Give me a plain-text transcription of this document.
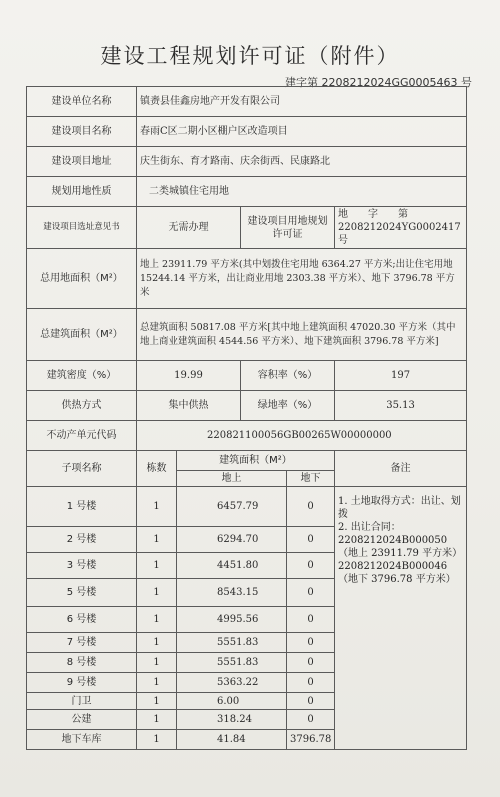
建设工程规划许可证（附件）
建字第 2208212024GG0005463 号
建设单位名称	镇赉县佳鑫房地产开发有限公司				
建设项目名称	春雨C区二期小区棚户区改造项目				
建设项目地址	庆生街东、育才路南、庆余街西、民康路北				
规划用地性质	二类城镇住宅用地				
建设项目选址意见书	无需办理		建设项目用地规划许可证		地　　字　　第
2208212024YG0002417 号

总用地面积（M²）	地上 23911.79 平方米(其中划拨住宅用地 6364.27 平方米;出让住宅用地 15244.14 平方米，出让商业用地 2303.38 平方米）、地下 3796.78 平方米				
总建筑面积（M²）	总建筑面积 50817.08 平方米[其中地上建筑面积 47020.30 平方米（其中地上商业建筑面积 4544.56 平方米）、地下建筑面积 3796.78 平方米]				
建筑密度（%）	19.99		容积率（%）		197
供热方式	集中供热		绿地率（%）		35.13
不动产单元代码	220821100056GB00265W00000000				
子项名称	栋数	建筑面积（M²）			备注
		地上		地下	
1 号楼	1	6457.79		0	1. 土地取得方式：出让、划拨
2. 出让合同：
2208212024B000050（地上 23911.79 平方米）
2208212024B000046（地下 3796.78 平方米）
2 号楼	1	6294.70		0	
3 号楼	1	4451.80		0	
5 号楼	1	8543.15		0	
6 号楼	1	4995.56		0	
7 号楼	1	5551.83		0	
8 号楼	1	5551.83		0	
9 号楼	1	5363.22		0	
门卫	1	6.00		0	
公建	1	318.24		0	
地下车库	1	41.84		3796.78	
